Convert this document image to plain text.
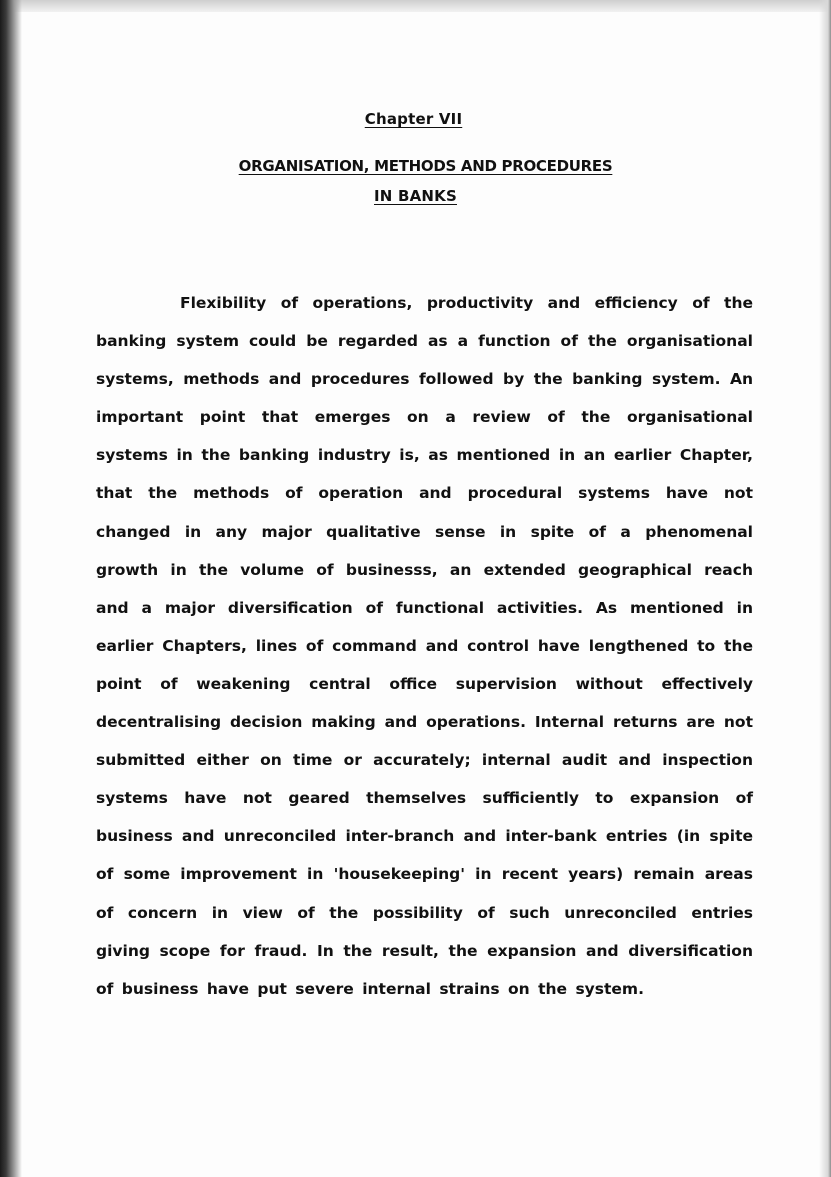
Chapter VII
ORGANISATION, METHODS AND PROCEDURES
IN BANKS

Flexibility of operations, productivity and efficiency of the banking system could be regarded as a function of the organisational systems, methods and procedures followed by the banking system. An important point that emerges on a review of the organisational systems in the banking industry is, as mentioned in an earlier Chapter, that the methods of operation and procedural systems have not changed in any major qualitative sense in spite of a phenomenal growth in the volume of businesss, an extended geographical reach and a major diversification of functional activities. As mentioned in earlier Chapters, lines of command and control have lengthened to the point of weakening central office supervision without effectively decentralising decision making and operations. Internal returns are not submitted either on time or accurately; internal audit and inspection systems have not geared themselves sufficiently to expansion of business and unreconciled inter-branch and inter-bank entries (in spite of some improvement in 'housekeeping' in recent years) remain areas of concern in view of the possibility of such unreconciled entries giving scope for fraud. In the result, the expansion and diversification of business have put severe internal strains on the system.
